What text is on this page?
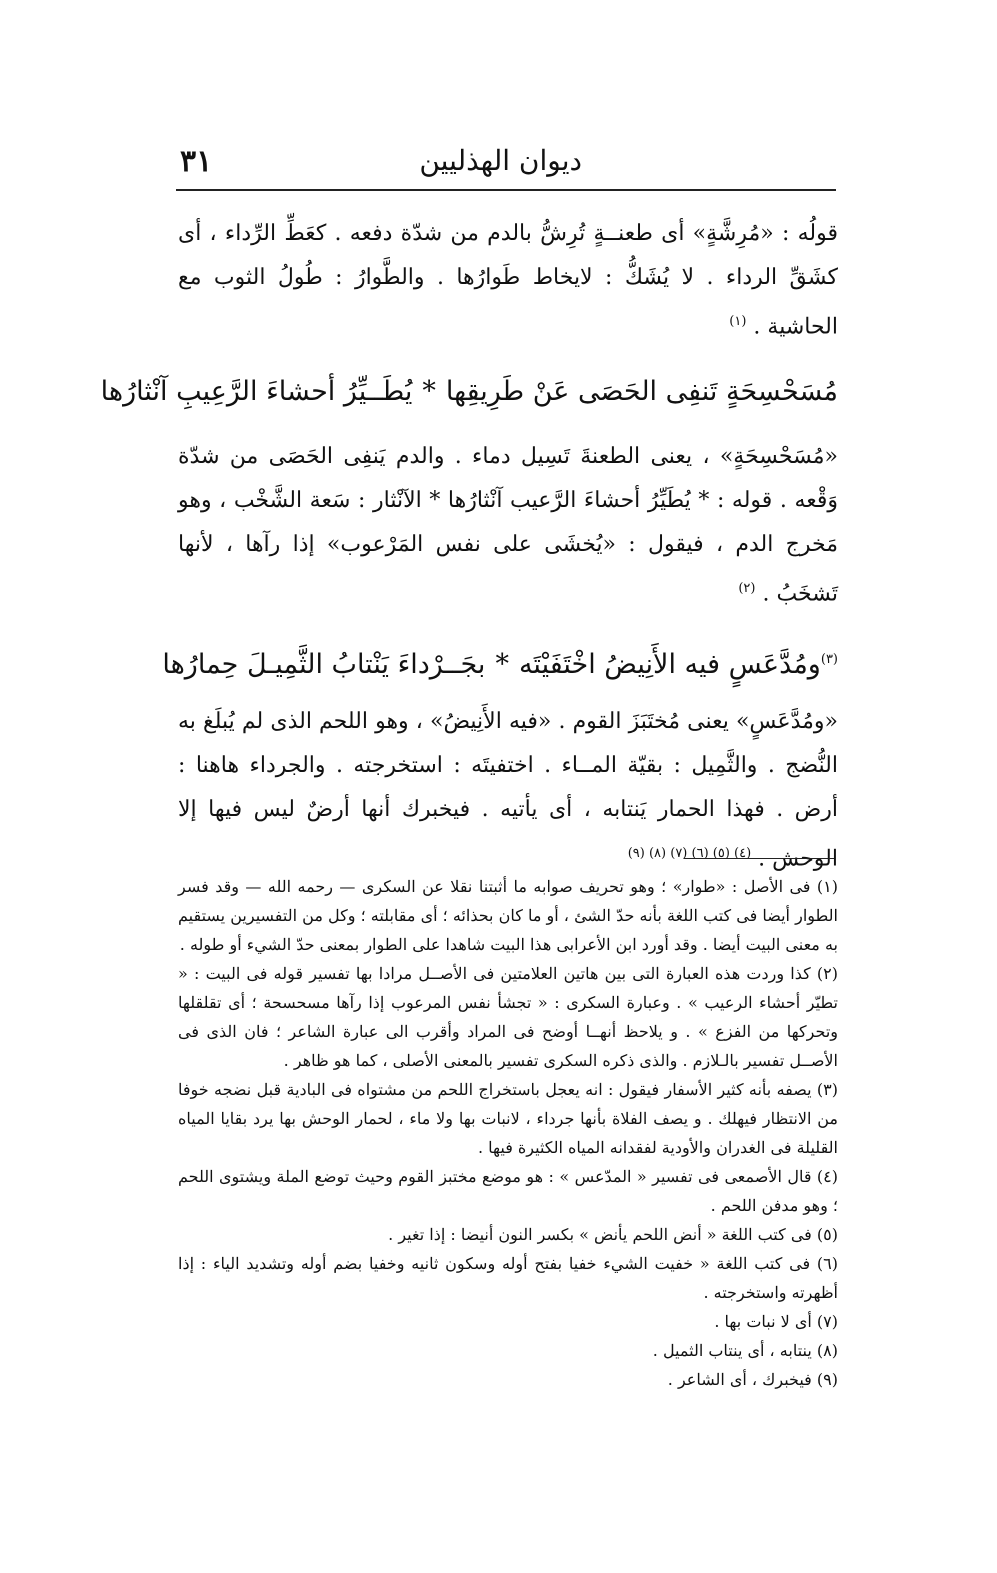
ديوان الهذليين
٣١

قولُه : «مُرِشَّةٍ» أى طعنــةٍ تُرِشُّ بالدم من شدّة دفعه . كعَطِّ الرِّداء ، أى كشَقِّ الرداء . لا يُشَكُّ : لايخاط طَوارُها . والطَّوارُ : طُولُ الثوب مع الحاشية . $^{(١)}$

مُسَحْسِحَةٍ تَنفِى الحَصَى عَنْ طَرِيقِها
*
يُطَــيِّرُ أحشاءَ الرَّعِيبِ آنْثارُها

«مُسَحْسِحَةٍ» ، يعنى الطعنةَ تَسِيل دماء . والدم يَنفِى الحَصَى من شدّة وَقْعه . قوله : * يُطَيِّرُ أحشاءَ الرَّعيب آنْثارُها * الآنْثار : سَعة الشَّخْب ، وهو مَخرج الدم ، فيقول : «يُخشَى على نفس المَرْعوب» إذا رآها ، لأنها تَشخَبُ . $^{(٢)}$

$^{(٣)}$ومُدَّعَسٍ فيه الأَنِيضُ اخْتَفَيْتَه
*
بجَــرْداءَ يَنْتابُ الثَّمِيـلَ حِمارُها

«ومُدَّعَسٍ» يعنى مُختَبَزَ القوم . «فيه الأَنِيضُ» ، وهو اللحم الذى لم يُبلَغ به النُّضج . والثَّمِيل : بقيّة المــاء . اختفيتَه : استخرجته . والجرداء هاهنا : أرض . فهذا الحمار يَنتابه ، أى يأتيه . فيخبرك أنها أرضٌ ليس فيها إلا الوحش . $^{(٤) (٥) (٦) (٧) (٨) (٩)}$

(١) فى الأصل : «طوار» ؛ وهو تحريف صوابه ما أثبتنا نقلا عن السكرى — رحمه الله — وقد فسر الطوار أيضا فى كتب اللغة بأنه حدّ الشئ ، أو ما كان بحذائه ؛ أى مقابلته ؛ وكل من التفسيرين يستقيم به معنى البيت أيضا . وقد أورد ابن الأعرابى هذا البيت شاهدا على الطوار بمعنى حدّ الشيء أو طوله .

(٢) كذا وردت هذه العبارة التى بين هاتين العلامتين فى الأصــل مرادا بها تفسير قوله فى البيت : « تطيّر أحشاء الرعيب » . وعبارة السكرى : « تجشأ نفس المرعوب إذا رآها مسحسحة ؛ أى تقلقلها وتحركها من الفزع » . و يلاحظ أنهــا أوضح فى المراد وأقرب الى عبارة الشاعر ؛ فان الذى فى الأصــل تفسير بالـلازم . والذى ذكره السكرى تفسير بالمعنى الأصلى ، كما هو ظاهر .

(٣) يصفه بأنه كثير الأسفار فيقول : انه يعجل باستخراج اللحم من مشتواه فى البادية قبل نضجه خوفا من الانتظار فيهلك . و يصف الفلاة بأنها جرداء ، لانبات بها ولا ماء ، لحمار الوحش بها يرد بقايا المياه القليلة فى الغدران والأودية لفقدانه المياه الكثيرة فيها .

(٤) قال الأصمعى فى تفسير « المدّعس » : هو موضع مختبز القوم وحيث توضع الملة ويشتوى اللحم ؛ وهو مدفن اللحم .

(٥) فى كتب اللغة « أنض اللحم يأنض » بكسر النون أنيضا : إذا تغير .

(٦) فى كتب اللغة « خفيت الشيء خفيا بفتح أوله وسكون ثانيه وخفيا بضم أوله وتشديد الياء : إذا أظهرته واستخرجته .

(٧) أى لا نبات بها .

(٨) ينتابه ، أى ينتاب الثميل .

(٩) فيخبرك ، أى الشاعر .
